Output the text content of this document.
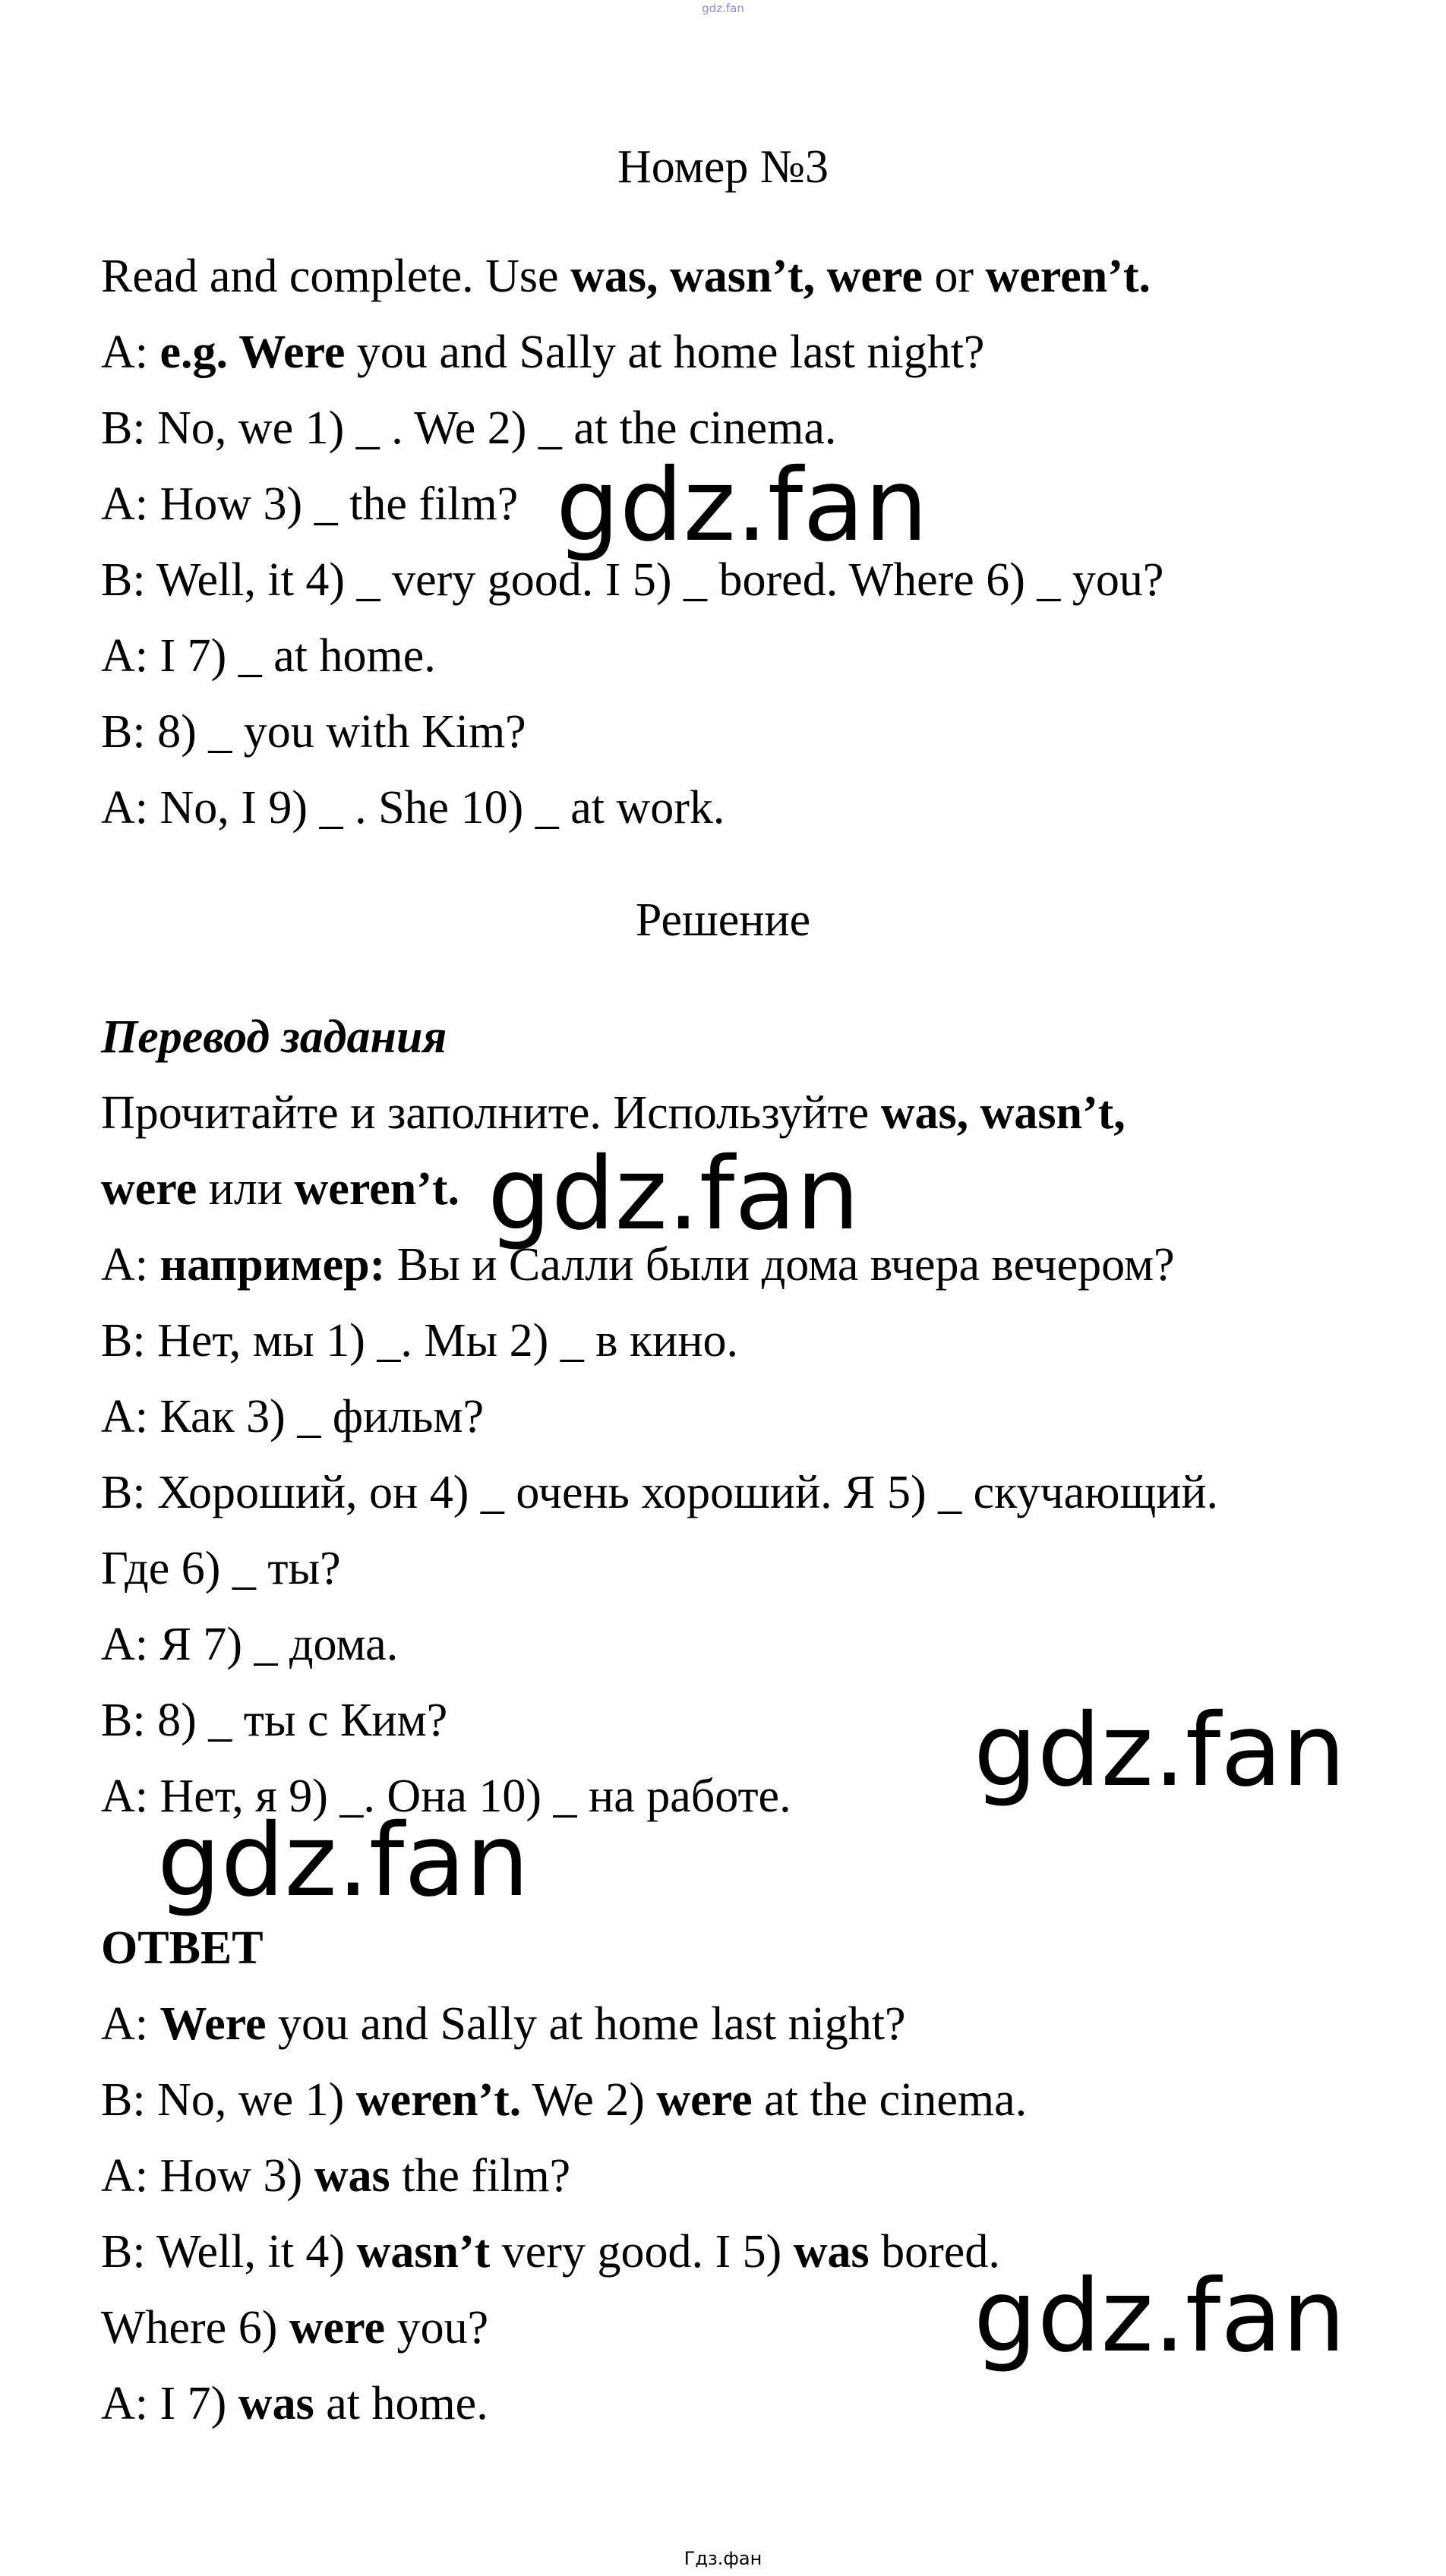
gdz.fan
Номер №3
Read and complete. Use was, wasn’t, were or weren’t.
A: e.g. Were you and Sally at home last night?
B: No, we 1) _ . We 2) _ at the cinema.
A: How 3) _ the film?
B: Well, it 4) _ very good. I 5) _ bored. Where 6) _ you?
A: I 7) _ at home.
B: 8) _ you with Kim?
A: No, I 9) _ . She 10) _ at work.
Решение
Перевод задания
Прочитайте и заполните. Используйте was, wasn’t,
were или weren’t.
A: например: Вы и Салли были дома вчера вечером?
B: Нет, мы 1) _. Мы 2) _ в кино.
A: Как 3) _ фильм?
B: Хороший, он 4) _ очень хороший. Я 5) _ скучающий.
Где 6) _ ты?
A: Я 7) _ дома.
B: 8) _ ты с Ким?
A: Нет, я 9) _. Она 10) _ на работе.
ОТВЕТ
A: Were you and Sally at home last night?
B: No, we 1) weren’t. We 2) were at the cinema.
A: How 3) was the film?
B: Well, it 4) wasn’t very good. I 5) was bored.
Where 6) were you?
A: I 7) was at home.
gdz.fan
gdz.fan
gdz.fan
gdz.fan
gdz.fan
Гдз.фан
